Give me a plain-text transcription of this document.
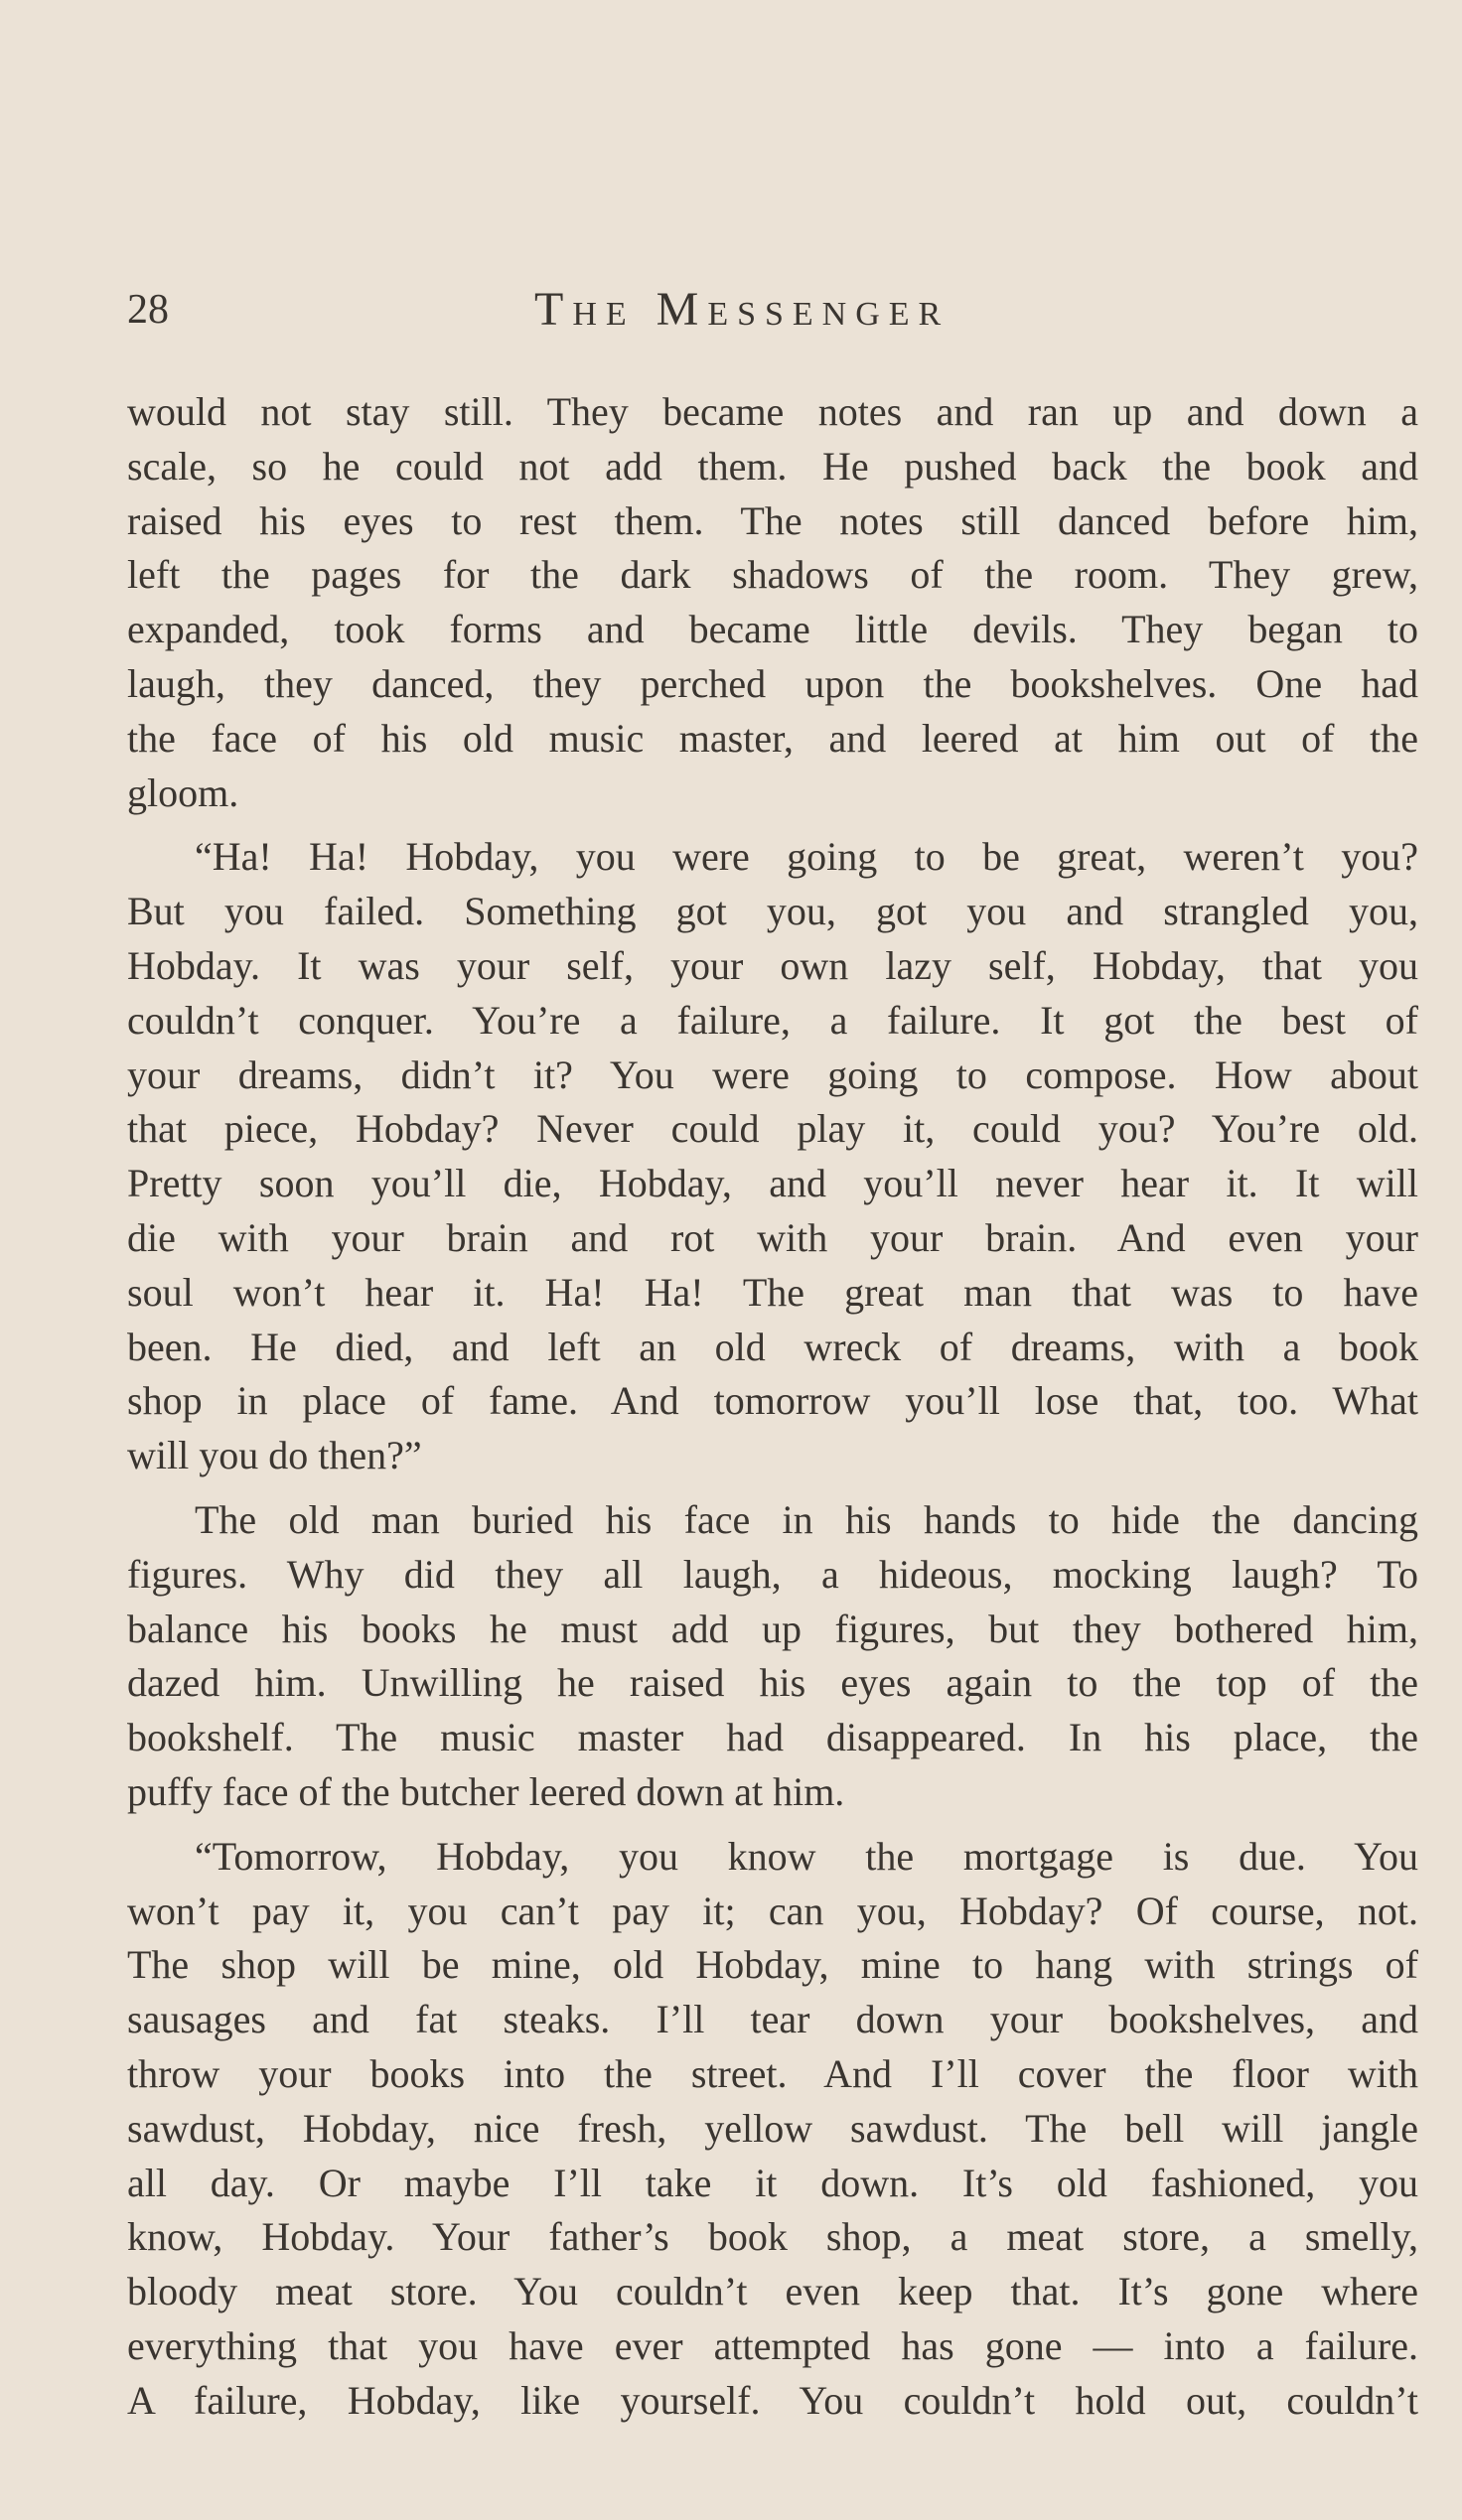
28	The Messenger
would not stay still. They became notes and ran up and down a
scale, so he could not add them. He pushed back the book and
raised his eyes to rest them. The notes still danced before him,
left the pages for the dark shadows of the room. They grew,
expanded, took forms and became little devils. They began to
laugh, they danced, they perched upon the bookshelves. One had
the face of his old music master, and leered at him out of the
gloom.
“Ha! Ha! Hobday, you were going to be great, weren’t you?
But you failed. Something got you, got you and strangled you,
Hobday. It was your self, your own lazy self, Hobday, that you
couldn’t conquer. You’re a failure, a failure. It got the best of
your dreams, didn’t it? You were going to compose. How about
that piece, Hobday? Never could play it, could you? You’re old.
Pretty soon you’ll die, Hobday, and you’ll never hear it. It will
die with your brain and rot with your brain. And even your
soul won’t hear it. Ha! Ha! The great man that was to have
been. He died, and left an old wreck of dreams, with a book
shop in place of fame. And tomorrow you’ll lose that, too. What
will you do then?”
The old man buried his face in his hands to hide the dancing
figures. Why did they all laugh, a hideous, mocking laugh? To
balance his books he must add up figures, but they bothered him,
dazed him. Unwilling he raised his eyes again to the top of the
bookshelf. The music master had disappeared. In his place, the
puffy face of the butcher leered down at him.
“Tomorrow, Hobday, you know the mortgage is due. You
won’t pay it, you can’t pay it; can you, Hobday? Of course, not.
The shop will be mine, old Hobday, mine to hang with strings of
sausages and fat steaks. I’ll tear down your bookshelves, and
throw your books into the street. And I’ll cover the floor with
sawdust, Hobday, nice fresh, yellow sawdust. The bell will jangle
all day. Or maybe I’ll take it down. It’s old fashioned, you
know, Hobday. Your father’s book shop, a meat store, a smelly,
bloody meat store. You couldn’t even keep that. It’s gone where
everything that you have ever attempted has gone — into a failure.
A failure, Hobday, like yourself. You couldn’t hold out, couldn’t
